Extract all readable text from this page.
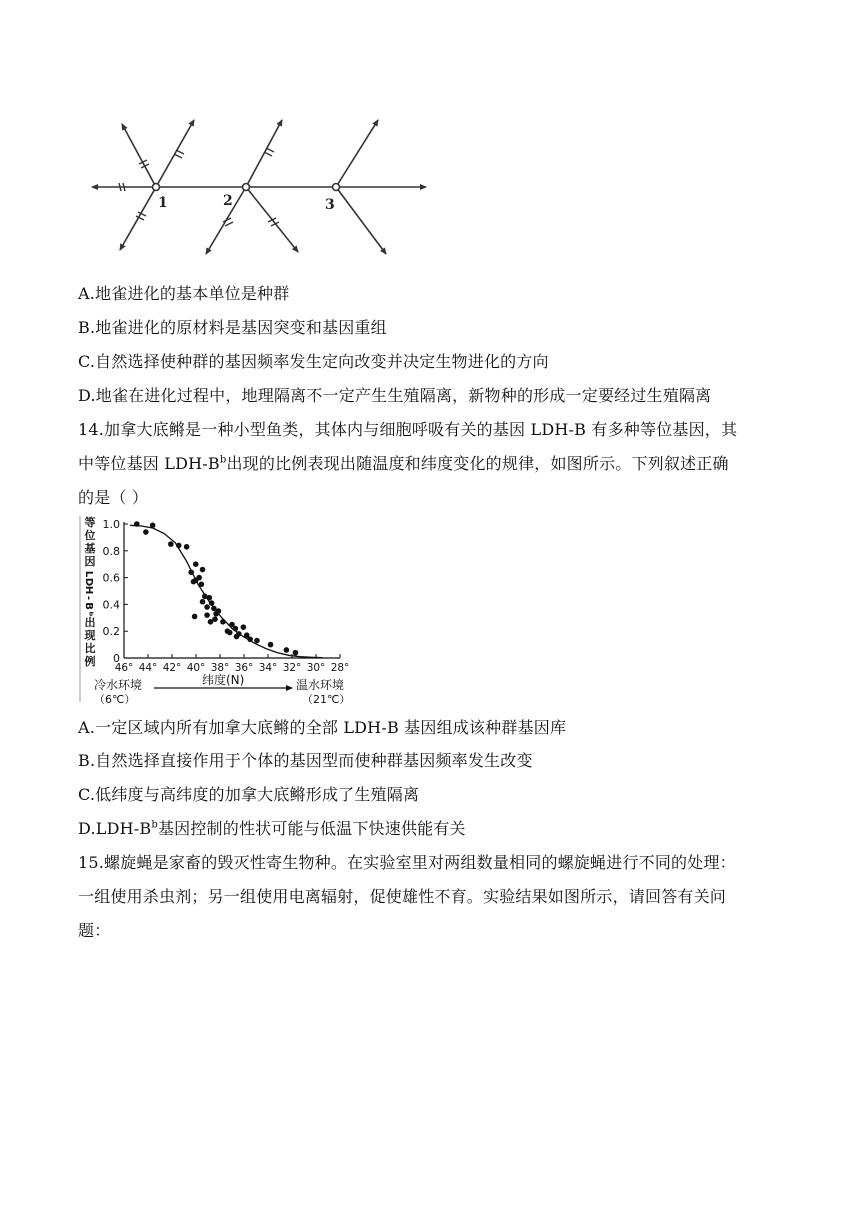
1	2	3
A.地雀进化的基本单位是种群
B.地雀进化的原材料是基因突变和基因重组
C.自然选择使种群的基因频率发生定向改变并决定生物进化的方向
D.地雀在进化过程中，地理隔离不一定产生生殖隔离，新物种的形成一定要经过生殖隔离
14.加拿大底鳉是一种小型鱼类，其体内与细胞呼吸有关的基因 LDH-B 有多种等位基因，其
中等位基因 LDH-$B^b$出现的比例表现出随温度和纬度变化的规律，如图所示。下列叙述正确
的是（ ）
等
位
基
因
L
D
H
-
B
ᵇ
出
现
比
例 0
0.2
0.4
0.6
0.8
1.0
46° 44° 42° 40° 38° 36° 34° 32° 30° 28°
冷水环境
（6℃）
纬度(N)	温水环境
（21℃）
A.一定区域内所有加拿大底鳉的全部 LDH-B 基因组成该种群基因库
B.自然选择直接作用于个体的基因型而使种群基因频率发生改变
C.低纬度与高纬度的加拿大底鳉形成了生殖隔离
$D.LDH-B^b$基因控制的性状可能与低温下快速供能有关
15.螺旋蝇是家畜的毁灭性寄生物种。在实验室里对两组数量相同的螺旋蝇进行不同的处理：
一组使用杀虫剂；另一组使用电离辐射，促使雄性不育。实验结果如图所示，请回答有关问
题：
